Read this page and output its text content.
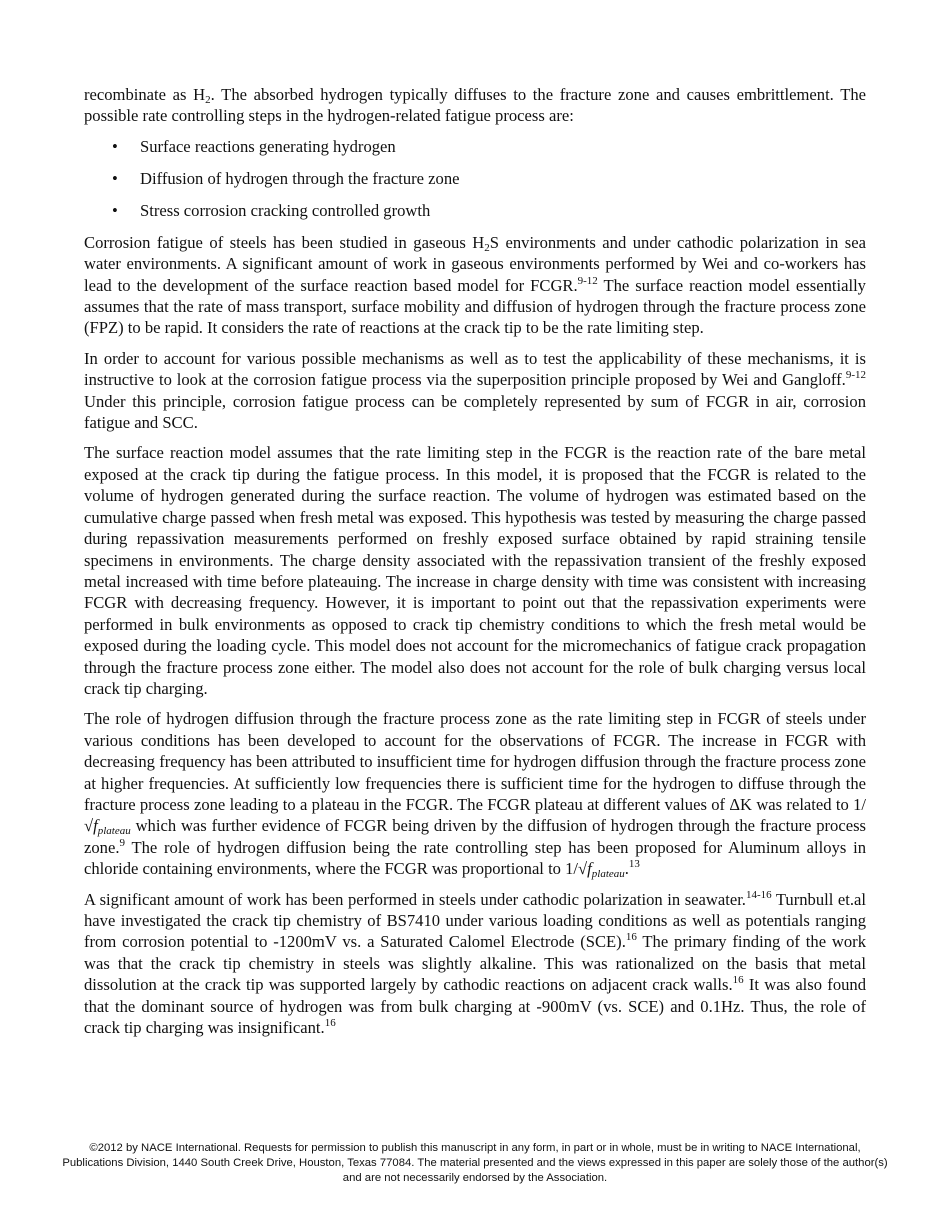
recombinate as $H_2$. The absorbed hydrogen typically diffuses to the fracture zone and causes embrittlement. The possible rate controlling steps in the hydrogen-related fatigue process are:

• Surface reactions generating hydrogen
• Diffusion of hydrogen through the fracture zone
• Stress corrosion cracking controlled growth

Corrosion fatigue of steels has been studied in gaseous $H_2S$ environments and under cathodic polarization in sea water environments. A significant amount of work in gaseous environments performed by Wei and co-workers has lead to the development of the surface reaction based model for FCGR.$^{9-12}$ The surface reaction model essentially assumes that the rate of mass transport, surface mobility and diffusion of hydrogen through the fracture process zone (FPZ) to be rapid. It considers the rate of reactions at the crack tip to be the rate limiting step.

In order to account for various possible mechanisms as well as to test the applicability of these mechanisms, it is instructive to look at the corrosion fatigue process via the superposition principle proposed by Wei and Gangloff.$^{9-12}$ Under this principle, corrosion fatigue process can be completely represented by sum of FCGR in air, corrosion fatigue and SCC.

The surface reaction model assumes that the rate limiting step in the FCGR is the reaction rate of the bare metal exposed at the crack tip during the fatigue process. In this model, it is proposed that the FCGR is related to the volume of hydrogen generated during the surface reaction. The volume of hydrogen was estimated based on the cumulative charge passed when fresh metal was exposed. This hypothesis was tested by measuring the charge passed during repassivation measurements performed on freshly exposed surface obtained by rapid straining tensile specimens in environments. The charge density associated with the repassivation transient of the freshly exposed metal increased with time before plateauing. The increase in charge density with time was consistent with increasing FCGR with decreasing frequency. However, it is important to point out that the repassivation experiments were performed in bulk environments as opposed to crack tip chemistry conditions to which the fresh metal would be exposed during the loading cycle. This model does not account for the micromechanics of fatigue crack propagation through the fracture process zone either. The model also does not account for the role of bulk charging versus local crack tip charging.

The role of hydrogen diffusion through the fracture process zone as the rate limiting step in FCGR of steels under various conditions has been developed to account for the observations of FCGR. The increase in FCGR with decreasing frequency has been attributed to insufficient time for hydrogen diffusion through the fracture process zone at higher frequencies. At sufficiently low frequencies there is sufficient time for the hydrogen to diffuse through the fracture process zone leading to a plateau in the FCGR. The FCGR plateau at different values of ΔK was related to $1/√f_{plateau}$ which was further evidence of FCGR being driven by the diffusion of hydrogen through the fracture process zone.$^9$ The role of hydrogen diffusion being the rate controlling step has been proposed for Aluminum alloys in chloride containing environments, where the FCGR was proportional to $1/√f_{plateau}.^{13}$

A significant amount of work has been performed in steels under cathodic polarization in seawater.$^{14-16}$ Turnbull et.al have investigated the crack tip chemistry of BS7410 under various loading conditions as well as potentials ranging from corrosion potential to -1200mV vs. a Saturated Calomel Electrode (SCE).$^{16}$ The primary finding of the work was that the crack tip chemistry in steels was slightly alkaline. This was rationalized on the basis that metal dissolution at the crack tip was supported largely by cathodic reactions on adjacent crack walls.$^{16}$ It was also found that the dominant source of hydrogen was from bulk charging at -900mV (vs. SCE) and 0.1Hz. Thus, the role of crack tip charging was insignificant.$^{16}$

©2012 by NACE International. Requests for permission to publish this manuscript in any form, in part or in whole, must be in writing to NACE International, Publications Division, 1440 South Creek Drive, Houston, Texas 77084. The material presented and the views expressed in this paper are solely those of the author(s) and are not necessarily endorsed by the Association.
